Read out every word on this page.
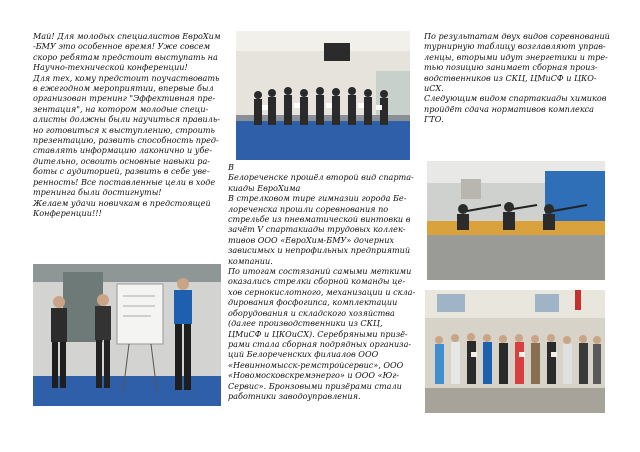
Май! Для молодых специалистов ЕвроХим
-БМУ это особенное время! Уже совсем
скоро ребятам предстоит выступать на
Научно-технической конференции!
Для тех, кому предстоит поучаствовать
в ежегодном мероприятии, впервые был
организован тренинг "Эффективная пре-
зентация", на котором молодые специ-
алисты должны были научиться правиль-
но готовиться к выступлению, строить
презентацию, развить способность пред-
ставлять информацию лаконично и убе-
дительно, освоить основные навыки ра-
боты с аудиторией, развить в себе уве-
ренность! Все поставленные цели в ходе
тренинга были достигнуты!
Желаем удачи новичкам в предстоящей
Конференции!!!

По результатам двух видов соревнований
турнирную таблицу возглавляют управ-
ленцы, вторыми идут энергетики и тре-
тью позицию занимает сборная произ-
водственников из СКЦ, ЦМиСФ и ЦКО-
иСХ.
Следующим видом спартакиады химиков
пройдёт сдача нормативов комплекса
ГТО.

В
Белореченске прошёл второй вид спарта-
киады ЕвроХима
В стрелковом тире гимназии города Бе-
лореченска прошли соревнования по
стрельбе из пневматической винтовки в
зачёт V спартакиады трудовых коллек-
тивов ООО «ЕвроХим-БМУ» дочерних
зависимых и непрофильных предприятий
компании.
По итогам состязаний самыми меткими
оказались стрелки сборной команды це-
хов сернокислотного, механизации и скла-
дирования фосфогипса, комплектации
оборудования и складского хозяйства
(далее производственники из СКЦ,
ЦМиСФ и ЦКОиСХ). Серебряными призё-
рами стала сборная подрядных организа-
ций Белореченских филиалов ООО
«Невинномысск-ремстройсервис», ООО
«Новомосковскремэнерго» и ООО «Юг-
Сервис». Бронзовыми призёрами стали
работники заводоуправления.
